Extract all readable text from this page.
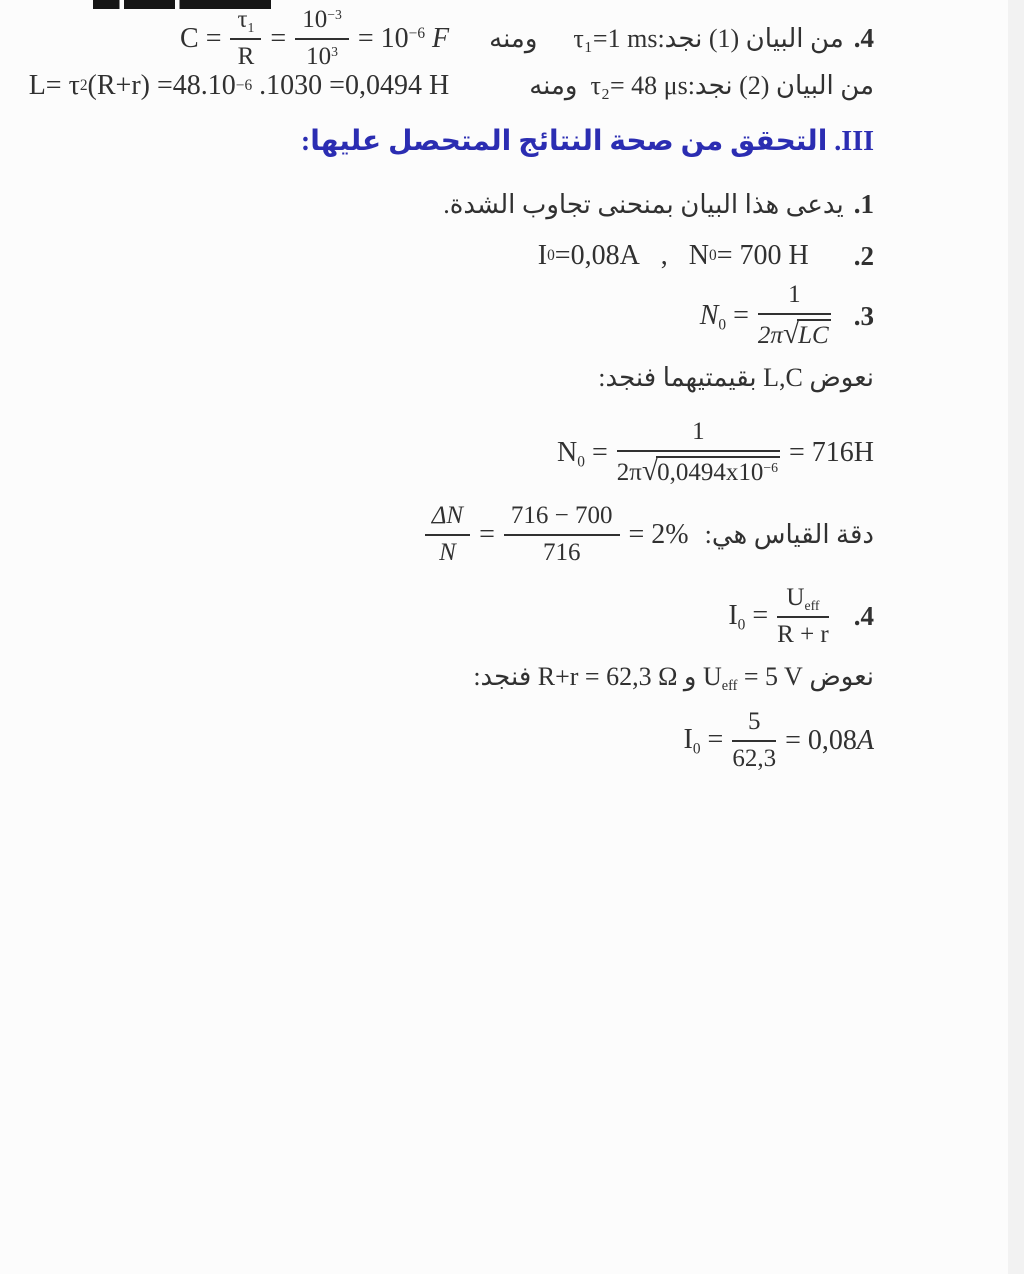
$C = \frac{\tau_1}{R} = \frac{10^{-3}}{10^3} = 10^{-6}$ F ومنه من البيان (1) نجد:τ₁=1 ms .4
L= τ 2 (R+r) =48.10 −6 .1030 =0,0494 H	من البيان (2) نجد:τ₂= 48 μs  ومنه
III. التحقق من صحة النتائج المتحصل عليها:
يدعى هذا البيان بمنحنى تجاوب الشدة. .1
I 0 =0,08A , N 0 = 700 H .2
$N_0 = \frac{1}{2\pi√LC} .3$
نعوض L,C بقيمتيهما فنجد:
$N_0 = \frac{1}{2\pi√0,0494x10^{-6}} = 716H$
$\frac{\Delta N}{N} = \frac{716 - 700}{716} = 2\%$ دقة القياس هي:
$I_0 = \frac{U_{eff}}{R + r} .4$
نعوض $U_{eff} = 5$ V و R+r = 62,3 Ω فنجد:
$I_0 = \frac{5}{62,3} = 0,08A$
